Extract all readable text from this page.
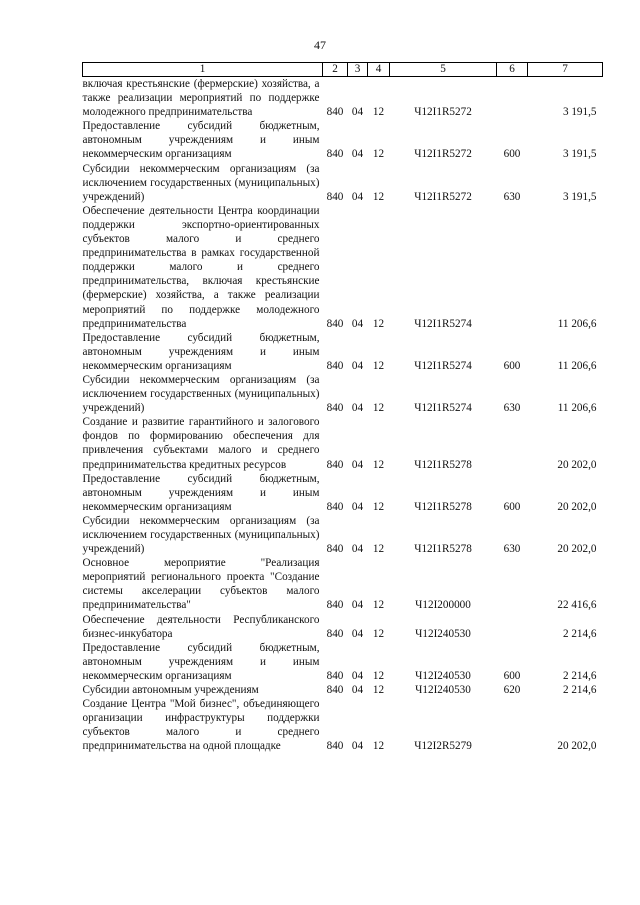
47
1	2	3	4	5	6	7
включая крестьянские (фермерские) хозяйства, а также реализации мероприятий по поддержке молодежного предпринимательства	840	04	12	Ч12I1R5272		3 191,5
Предоставление субсидий бюджетным, автономным учреждениям и иным некоммерческим организациям	840	04	12	Ч12I1R5272	600	3 191,5
Субсидии некоммерческим организациям (за исключением государственных (муниципальных) учреждений)	840	04	12	Ч12I1R5272	630	3 191,5
Обеспечение деятельности Центра координации поддержки экспортно-ориентированных субъектов малого и среднего предпринимательства в рамках государственной поддержки малого и среднего предпринимательства, включая крестьянские (фермерские) хозяйства, а также реализации мероприятий по поддержке молодежного предпринимательства	840	04	12	Ч12I1R5274		11 206,6
Предоставление субсидий бюджетным, автономным учреждениям и иным некоммерческим организациям	840	04	12	Ч12I1R5274	600	11 206,6
Субсидии некоммерческим организациям (за исключением государственных (муниципальных) учреждений)	840	04	12	Ч12I1R5274	630	11 206,6
Создание и развитие гарантийного и залогового фондов по формированию обеспечения для привлечения субъектами малого и среднего предпринимательства кредитных ресурсов	840	04	12	Ч12I1R5278		20 202,0
Предоставление субсидий бюджетным, автономным учреждениям и иным некоммерческим организациям	840	04	12	Ч12I1R5278	600	20 202,0
Субсидии некоммерческим организациям (за исключением государственных (муниципальных) учреждений)	840	04	12	Ч12I1R5278	630	20 202,0
Основное мероприятие "Реализация мероприятий регионального проекта "Создание системы акселерации субъектов малого предпринимательства"	840	04	12	Ч12I200000		22 416,6
Обеспечение деятельности Республиканского бизнес-инкубатора	840	04	12	Ч12I240530		2 214,6
Предоставление субсидий бюджетным, автономным учреждениям и иным некоммерческим организациям	840	04	12	Ч12I240530	600	2 214,6
Субсидии автономным учреждениям	840	04	12	Ч12I240530	620	2 214,6
Создание Центра "Мой бизнес", объединяющего организации инфраструктуры поддержки субъектов малого и среднего предпринимательства на одной площадке	840	04	12	Ч12I2R5279		20 202,0
